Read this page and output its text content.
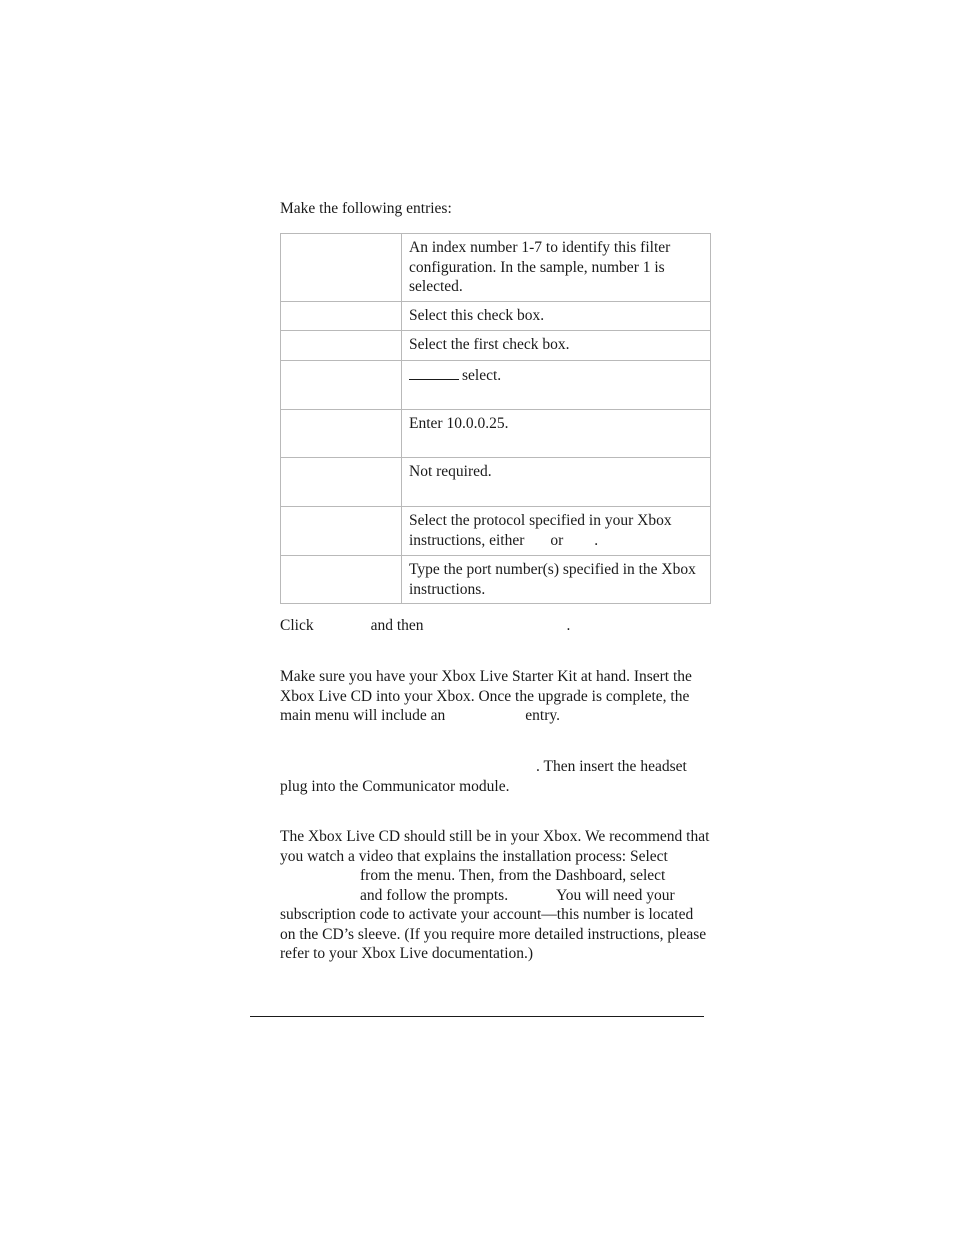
Make the following entries:

	An index number 1-7 to identify this filter configuration. In the sample, number 1 is selected.
	Select this check box.
	Select the first check box.
	select.
	Enter 10.0.0.25.
	Not required.
	Select the protocol specified in your Xbox instructions, either or .
	Type the port number(s) specified in the Xbox instructions.

Click	and then	.

Make sure you have your Xbox Live Starter Kit at hand. Insert the Xbox Live CD into your Xbox. Once the upgrade is complete, the main menu will include an	entry.

. Then insert the headset plug into the Communicator module.

The Xbox Live CD should still be in your Xbox. We recommend that you watch a video that explains the installation process: Selectfrom the menu. Then, from the Dashboard, selectand follow the prompts.	You will need your subscription code to activate your account—this number is located on the CD’s sleeve. (If you require more detailed instructions, please refer to your Xbox Live documentation.)
